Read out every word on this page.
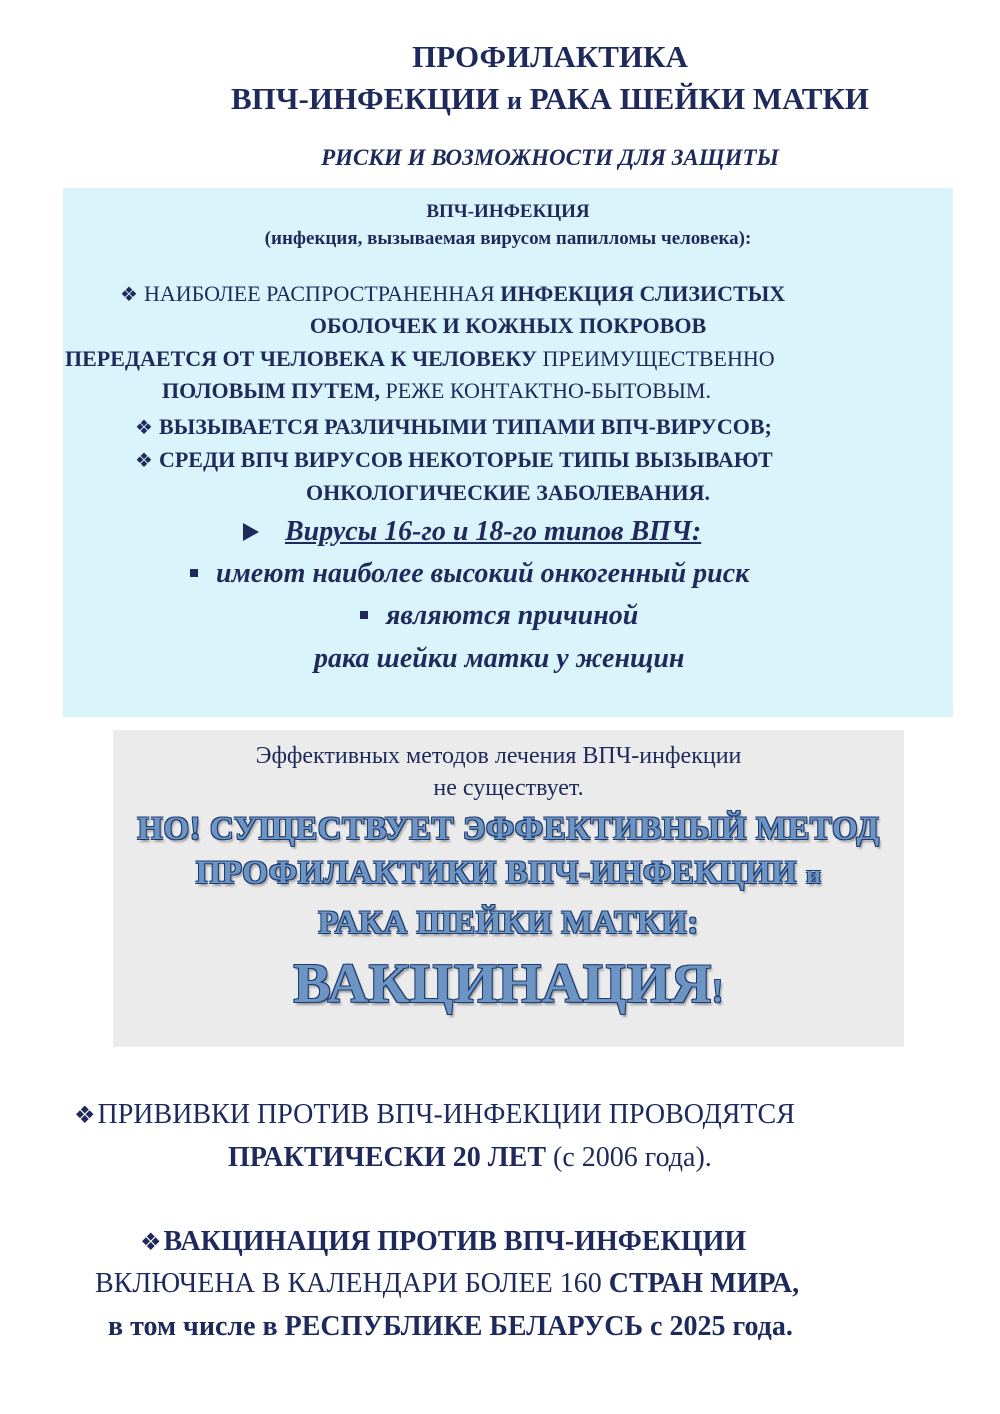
ПРОФИЛАКТИКА
ВПЧ-ИНФЕКЦИИ и РАКА ШЕЙКИ МАТКИ
РИСКИ И ВОЗМОЖНОСТИ ДЛЯ ЗАЩИТЫ
ВПЧ-ИНФЕКЦИЯ
(инфекция, вызываемая вирусом папилломы человека):
❖ НАИБОЛЕЕ РАСПРОСТРАНЕННАЯ ИНФЕКЦИЯ СЛИЗИСТЫХ
ОБОЛОЧЕК И КОЖНЫХ ПОКРОВОВ
ПЕРЕДАЕТСЯ ОТ ЧЕЛОВЕКА К ЧЕЛОВЕКУ ПРЕИМУЩЕСТВЕННО
ПОЛОВЫМ ПУТЕМ, РЕЖЕ КОНТАКТНО-БЫТОВЫМ.
❖ ВЫЗЫВАЕТСЯ РАЗЛИЧНЫМИ ТИПАМИ ВПЧ-ВИРУСОВ;
❖ СРЕДИ ВПЧ ВИРУСОВ НЕКОТОРЫЕ ТИПЫ ВЫЗЫВАЮТ
ОНКОЛОГИЧЕСКИЕ ЗАБОЛЕВАНИЯ.
Вирусы 16-го и 18-го типов ВПЧ:
имеют наиболее высокий онкогенный риск
являются причиной
рака шейки матки у женщин
Эффективных методов лечения ВПЧ-инфекции
не существует.
НО! СУЩЕСТВУЕТ ЭФФЕКТИВНЫЙ МЕТОД
ПРОФИЛАКТИКИ ВПЧ-ИНФЕКЦИИ и
РАКА ШЕЙКИ МАТКИ:
ВАКЦИНАЦИЯ!
❖ПРИВИВКИ ПРОТИВ ВПЧ-ИНФЕКЦИИ ПРОВОДЯТСЯ
ПРАКТИЧЕСКИ 20 ЛЕТ (с 2006 года).
❖ВАКЦИНАЦИЯ ПРОТИВ ВПЧ-ИНФЕКЦИИ
ВКЛЮЧЕНА В КАЛЕНДАРИ БОЛЕЕ 160 СТРАН МИРА,
в том числе в РЕСПУБЛИКЕ БЕЛАРУСЬ с 2025 года.
